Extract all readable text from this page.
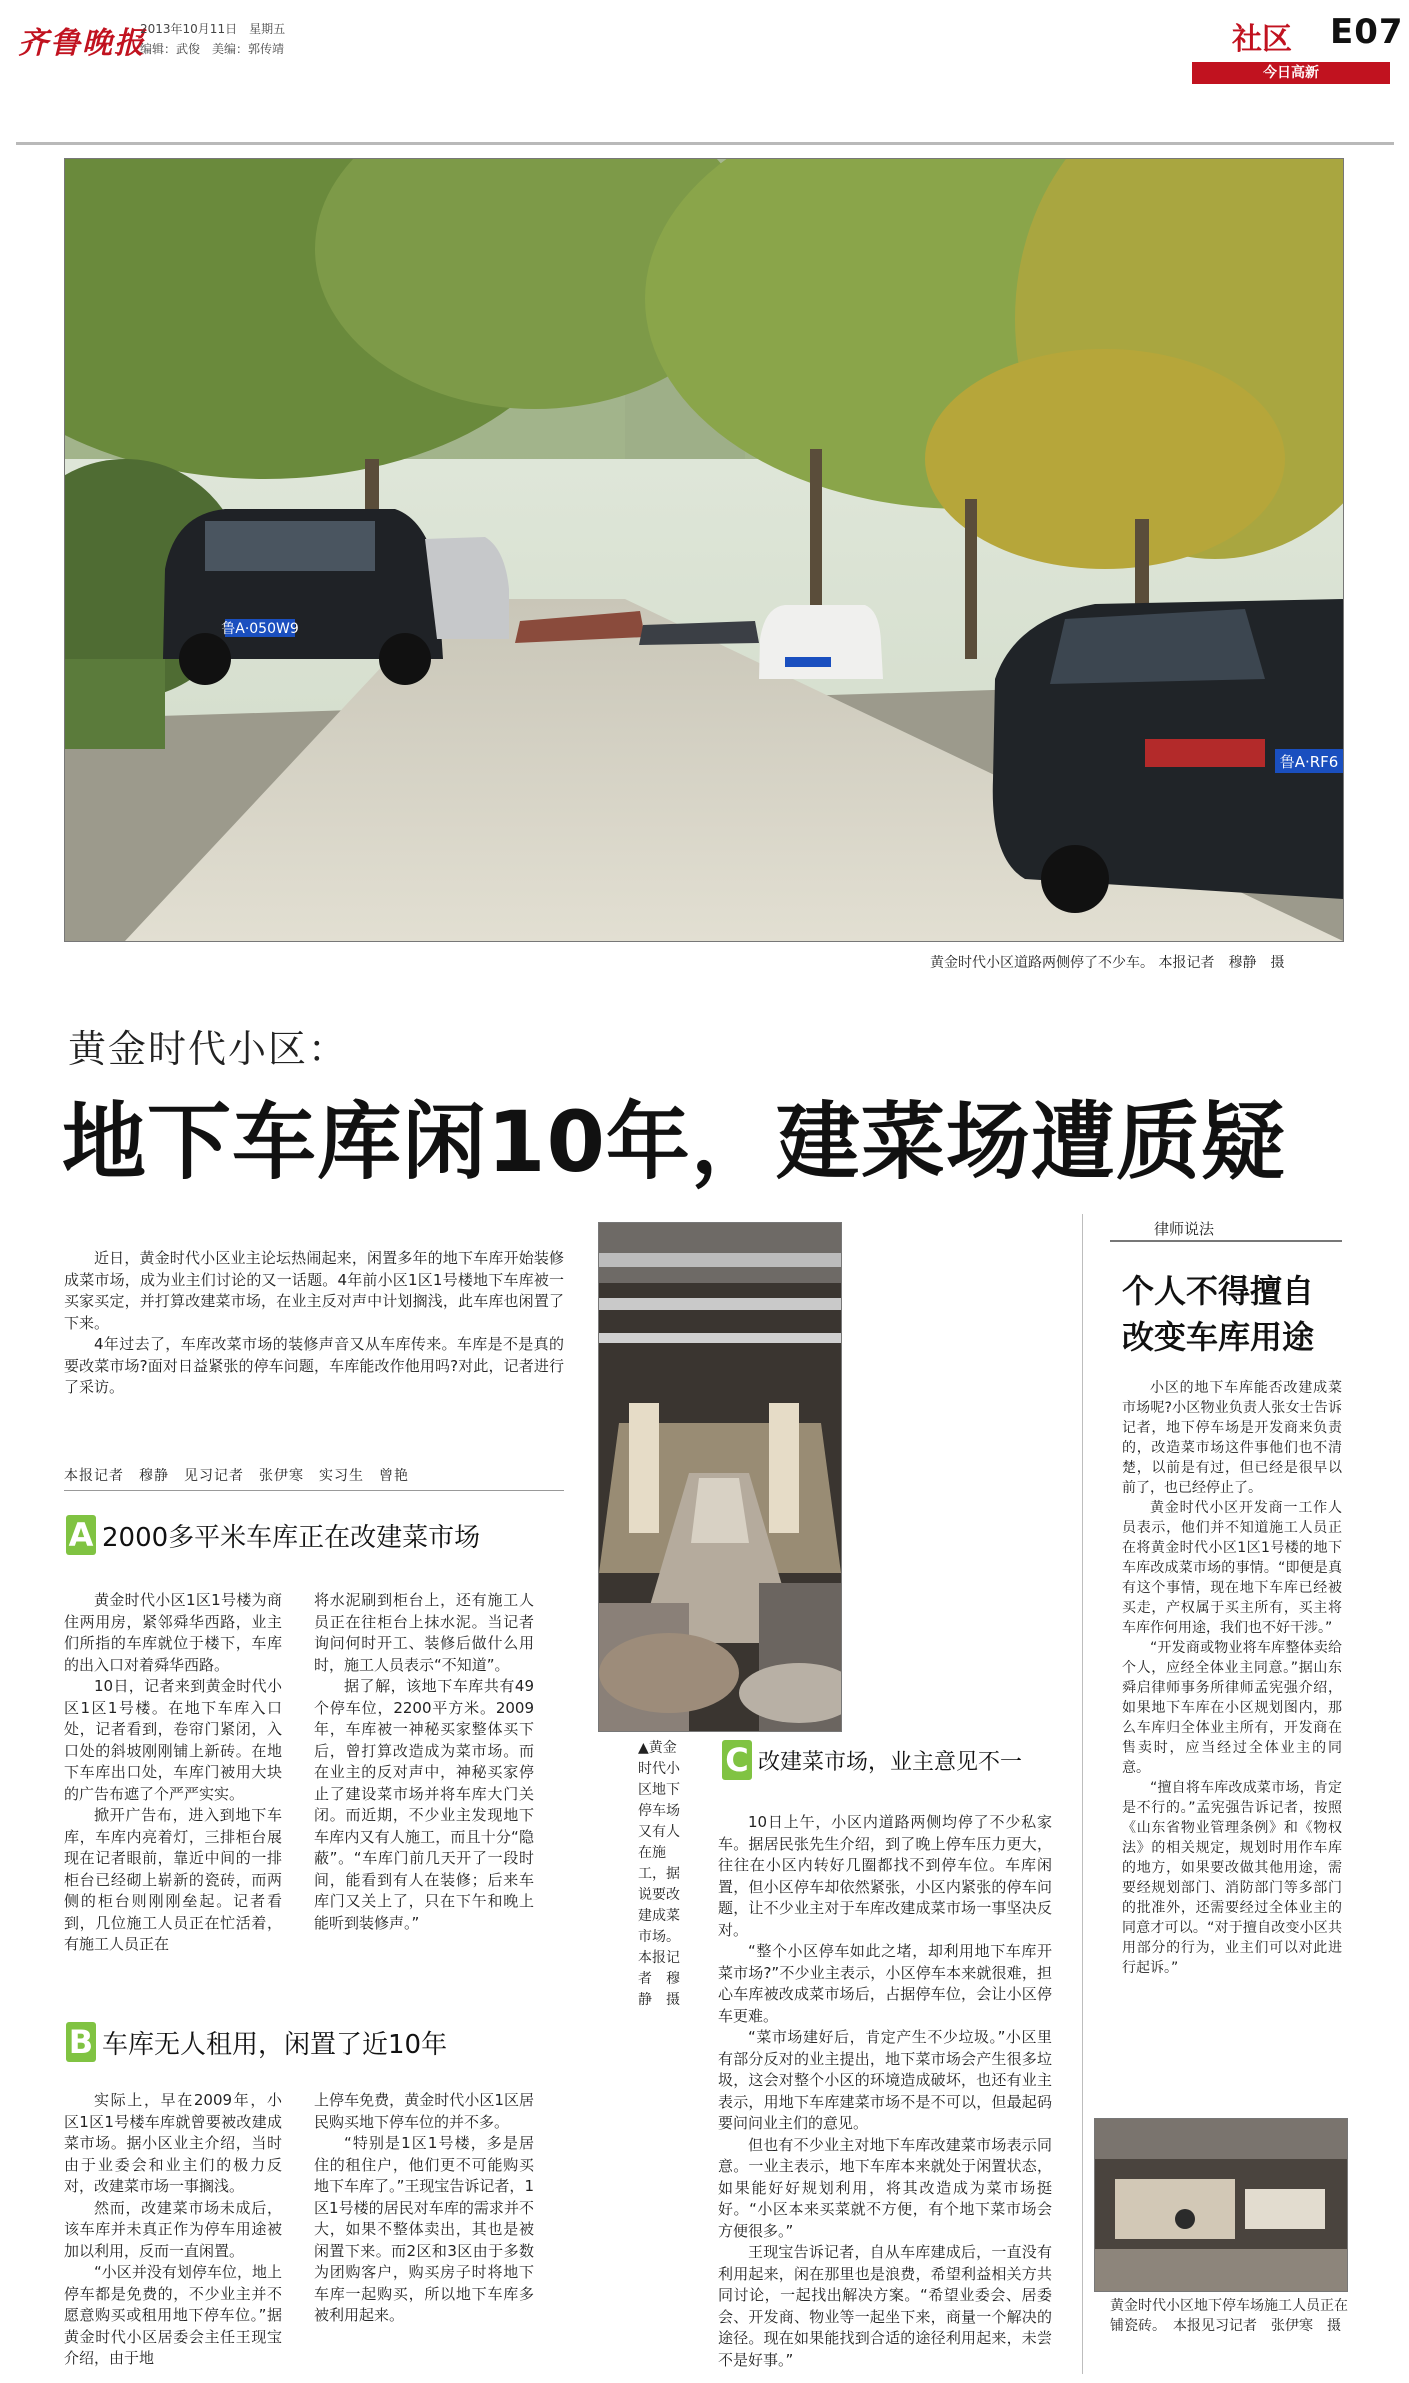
齐鲁晚报
2013年10月11日　星期五
编辑：武俊　美编：郭传靖	社区 E07
今日高新
鲁A·050W9
鲁A·RF6
黄金时代小区道路两侧停了不少车。 本报记者　穆静　摄
黄金时代小区：
地下车库闲10年，建菜场遭质疑

近日，黄金时代小区业主论坛热闹起来，闲置多年的地下车库开始装修成菜市场，成为业主们讨论的又一话题。4年前小区1区1号楼地下车库被一买家买定，并打算改建菜市场，在业主反对声中计划搁浅，此车库也闲置了下来。

4年过去了，车库改菜市场的装修声音又从车库传来。车库是不是真的要改菜市场?面对日益紧张的停车问题，车库能改作他用吗?对此，记者进行了采访。

本报记者　穆静　见习记者　张伊寒　实习生　曾艳
A 2000多平米车库正在改建菜市场

黄金时代小区1区1号楼为商住两用房，紧邻舜华西路，业主们所指的车库就位于楼下，车库的出入口对着舜华西路。

10日，记者来到黄金时代小区1区1号楼。在地下车库入口处，记者看到，卷帘门紧闭，入口处的斜坡刚刚铺上新砖。在地下车库出口处，车库门被用大块的广告布遮了个严严实实。

掀开广告布，进入到地下车库，车库内亮着灯，三排柜台展现在记者眼前，靠近中间的一排柜台已经砌上崭新的瓷砖，而两侧的柜台则刚刚垒起。记者看到，几位施工人员正在忙活着，有施工人员正在

将水泥刷到柜台上，还有施工人员正在往柜台上抹水泥。当记者询问何时开工、装修后做什么用时，施工人员表示“不知道”。

据了解，该地下车库共有49个停车位，2200平方米。2009年，车库被一神秘买家整体买下后，曾打算改造成为菜市场。而在业主的反对声中，神秘买家停止了建设菜市场并将车库大门关闭。而近期，不少业主发现地下车库内又有人施工，而且十分“隐蔽”。“车库门前几天开了一段时间，能看到有人在装修；后来车库门又关上了，只在下午和晚上能听到装修声。”

B 车库无人租用，闲置了近10年

实际上，早在2009年，小区1区1号楼车库就曾要被改建成菜市场。据小区业主介绍，当时由于业委会和业主们的极力反对，改建菜市场一事搁浅。

然而，改建菜市场未成后，该车库并未真正作为停车用途被加以利用，反而一直闲置。

“小区并没有划停车位，地上停车都是免费的，不少业主并不愿意购买或租用地下停车位。”据黄金时代小区居委会主任王现宝介绍，由于地

上停车免费，黄金时代小区1区居民购买地下停车位的并不多。

“特别是1区1号楼，多是居住的租住户，他们更不可能购买地下车库了。”王现宝告诉记者，1区1号楼的居民对车库的需求并不大，如果不整体卖出，其也是被闲置下来。而2区和3区由于多数为团购客户，购买房子时将地下车库一起购买，所以地下车库多被利用起来。

▲黄金时代小区地下停车场又有人在施工，据说要改建成菜市场。　本报记者　穆静　摄
C 改建菜市场，业主意见不一

10日上午，小区内道路两侧均停了不少私家车。据居民张先生介绍，到了晚上停车压力更大，往往在小区内转好几圈都找不到停车位。车库闲置，但小区停车却依然紧张，小区内紧张的停车问题，让不少业主对于车库改建成菜市场一事坚决反对。

“整个小区停车如此之堵，却利用地下车库开菜市场?”不少业主表示，小区停车本来就很难，担心车库被改成菜市场后，占据停车位，会让小区停车更难。

“菜市场建好后，肯定产生不少垃圾。”小区里有部分反对的业主提出，地下菜市场会产生很多垃圾，这会对整个小区的环境造成破坏，也还有业主表示，用地下车库建菜市场不是不可以，但最起码要问问业主们的意见。

但也有不少业主对地下车库改建菜市场表示同意。一业主表示，地下车库本来就处于闲置状态，如果能好好规划利用，将其改造成为菜市场挺好。“小区本来买菜就不方便，有个地下菜市场会方便很多。”

王现宝告诉记者，自从车库建成后，一直没有利用起来，闲在那里也是浪费，希望利益相关方共同讨论，一起找出解决方案。“希望业委会、居委会、开发商、物业等一起坐下来，商量一个解决的途径。现在如果能找到合适的途径利用起来，未尝不是好事。”

律师说法
个人不得擅自改变车库用途

小区的地下车库能否改建成菜市场呢?小区物业负责人张女士告诉记者，地下停车场是开发商来负责的，改造菜市场这件事他们也不清楚，以前是有过，但已经是很早以前了，也已经停止了。

黄金时代小区开发商一工作人员表示，他们并不知道施工人员正在将黄金时代小区1区1号楼的地下车库改成菜市场的事情。“即便是真有这个事情，现在地下车库已经被买走，产权属于买主所有，买主将车库作何用途，我们也不好干涉。”

“开发商或物业将车库整体卖给个人，应经全体业主同意。”据山东舜启律师事务所律师孟宪强介绍，如果地下车库在小区规划图内，那么车库归全体业主所有，开发商在售卖时，应当经过全体业主的同意。

“擅自将车库改成菜市场，肯定是不行的。”孟宪强告诉记者，按照《山东省物业管理条例》和《物权法》的相关规定，规划时用作车库的地方，如果要改做其他用途，需要经规划部门、消防部门等多部门的批准外，还需要经过全体业主的同意才可以。“对于擅自改变小区共用部分的行为，业主们可以对此进行起诉。”

黄金时代小区地下停车场施工人员正在铺瓷砖。　本报见习记者　张伊寒　摄
